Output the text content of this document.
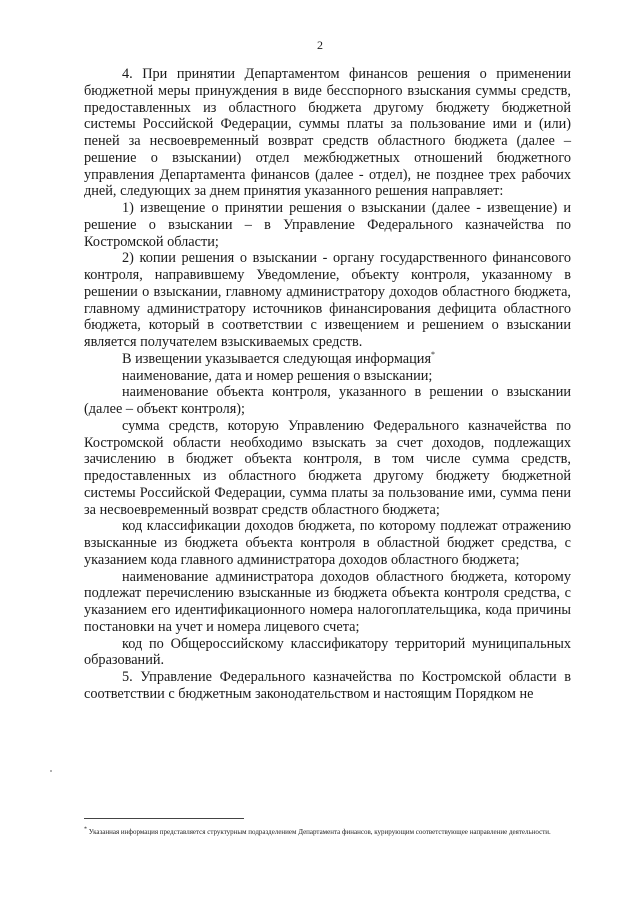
2

4. При принятии Департаментом финансов решения о применении бюджетной меры принуждения в виде бесспорного взыскания суммы средств, предоставленных из областного бюджета другому бюджету бюджетной системы Российской Федерации, суммы платы за пользование ими и (или) пеней за несвоевременный возврат средств областного бюджета (далее – решение о взыскании) отдел межбюджетных отношений бюджетного управления Департамента финансов (далее - отдел), не позднее трех рабочих дней, следующих за днем принятия указанного решения направляет:

1) извещение о принятии решения о взыскании (далее - извещение) и решение о взыскании – в Управление Федерального казначейства по Костромской области;

2) копии решения о взыскании - органу государственного финансового контроля, направившему Уведомление, объекту контроля, указанному в решении о взыскании, главному администратору доходов областного бюджета, главному администратору источников финансирования дефицита областного бюджета, который в соответствии с извещением и решением о взыскании является получателем взыскиваемых средств.

В извещении указывается следующая информация*

наименование, дата и номер решения о взыскании;

наименование объекта контроля, указанного в решении о взыскании (далее – объект контроля);

сумма средств, которую Управлению Федерального казначейства по Костромской области необходимо взыскать за счет доходов, подлежащих зачислению в бюджет объекта контроля, в том числе сумма средств, предоставленных из областного бюджета другому бюджету бюджетной системы Российской Федерации, сумма платы за пользование ими, сумма пени за несвоевременный возврат средств областного бюджета;

код классификации доходов бюджета, по которому подлежат отражению взысканные из бюджета объекта контроля в областной бюджет средства, с указанием кода главного администратора доходов областного бюджета;

наименование администратора доходов областного бюджета, которому подлежат перечислению взысканные из бюджета объекта контроля средства, с указанием его идентификационного номера налогоплательщика, кода причины постановки на учет и номера лицевого счета;

код по Общероссийскому классификатору территорий муниципальных образований.

5. Управление Федерального казначейства по Костромской области в соответствии с бюджетным законодательством и настоящим Порядком не

* Указанная информация представляется структурным подразделением Департамента финансов, курирующим соответствующее направление деятельности.
